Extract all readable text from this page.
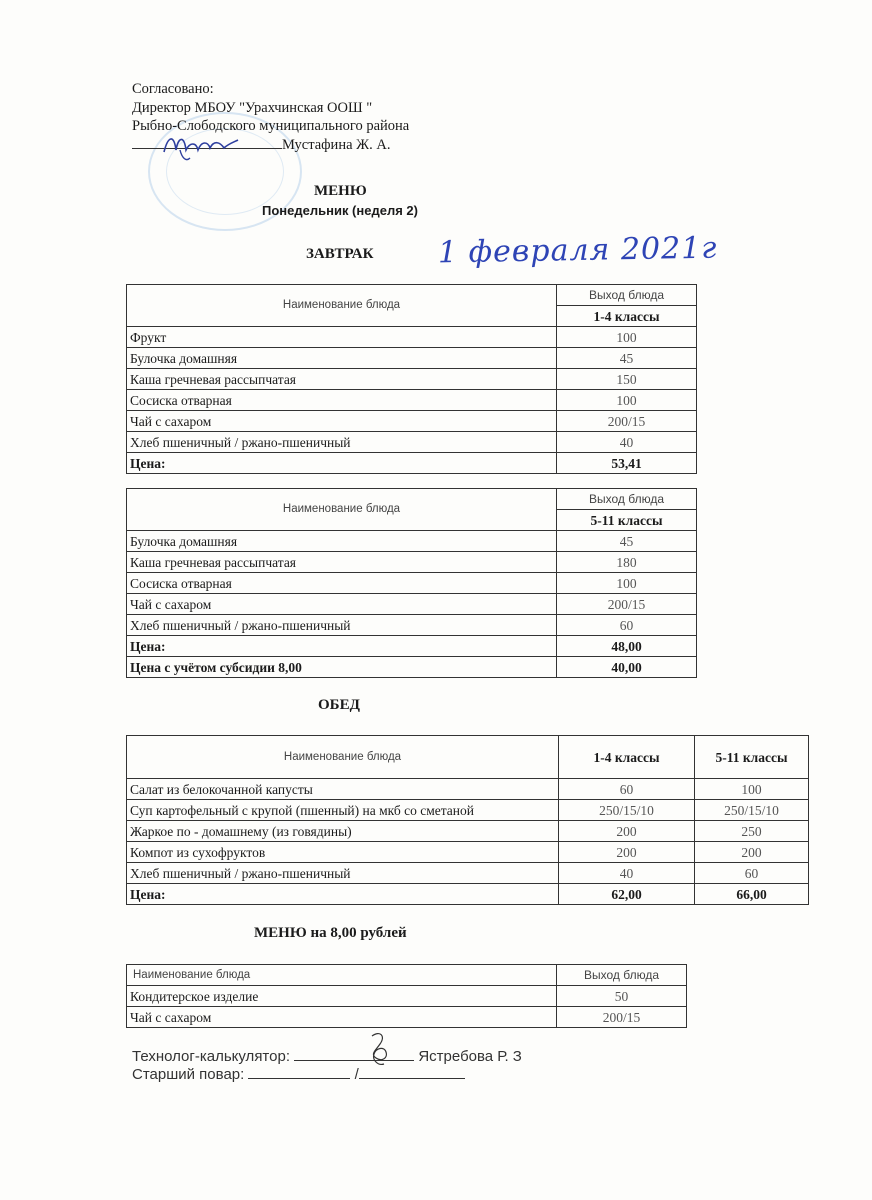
Согласовано:
Директор МБОУ "Урахчинская ООШ "
Рыбно-Слободского муниципального района
Мустафина Ж. А.
МЕНЮ
Понедельник (неделя 2)
ЗАВТРАК 1 февраля 2021г
Наименование блюда	Выход блюда
	1-4 классы
Фрукт	100
Булочка домашняя	45
Каша гречневая рассыпчатая	150
Сосиска отварная	100
Чай с сахаром	200/15
Хлеб пшеничный / ржано-пшеничный	40
Цена:	53,41
Наименование блюда	Выход блюда
	5-11 классы
Булочка домашняя	45
Каша гречневая рассыпчатая	180
Сосиска отварная	100
Чай с сахаром	200/15
Хлеб пшеничный / ржано-пшеничный	60
Цена:	48,00
Цена с учётом субсидии 8,00	40,00
ОБЕД
Наименование блюда	1-4 классы	5-11 классы
Салат из белокочанной капусты	60	100
Суп картофельный с крупой (пшенный) на мкб со сметаной	250/15/10	250/15/10
Жаркое по - домашнему (из говядины)	200	250
Компот из сухофруктов	200	200
Хлеб пшеничный / ржано-пшеничный	40	60
Цена:	62,00	66,00
МЕНЮ на 8,00 рублей
Наименование блюда	Выход блюда
Кондитерское изделие	50
Чай с сахаром	200/15
Технолог-калькулятор:	Ястребова Р. З
Старший повар:	/
